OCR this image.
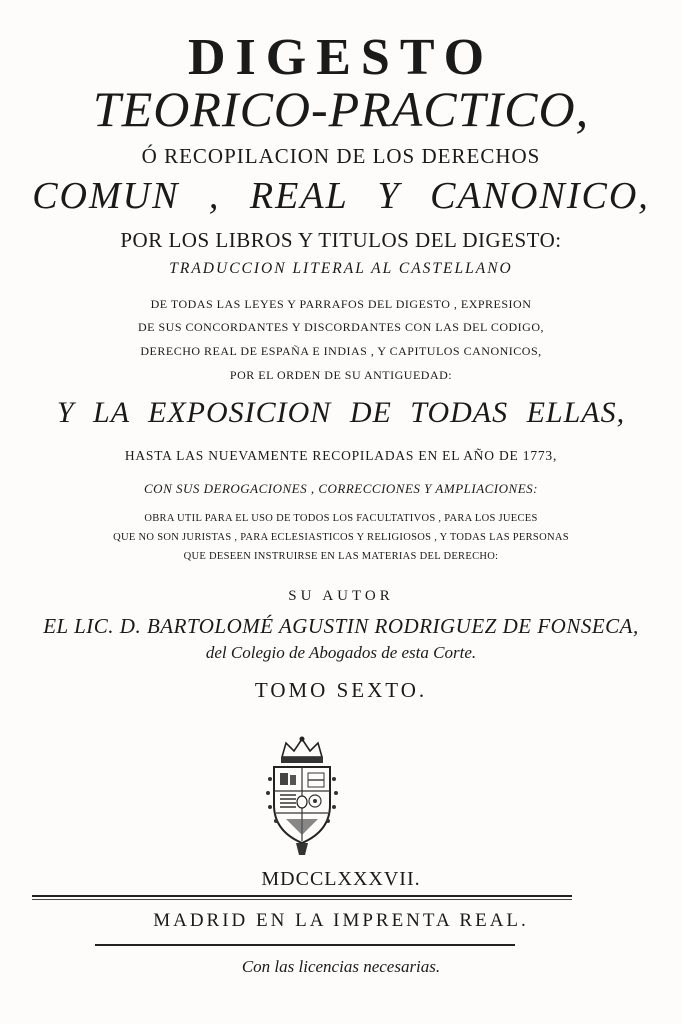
DIGESTO
TEORICO-PRACTICO,
Ó RECOPILACION DE LOS DERECHOS
COMUN , REAL Y CANONICO,
POR LOS LIBROS Y TITULOS DEL DIGESTO:
TRADUCCION LITERAL AL CASTELLANO
DE TODAS LAS LEYES Y PARRAFOS DEL DIGESTO , EXPRESION
DE SUS CONCORDANTES Y DISCORDANTES CON LAS DEL CODIGO,
DERECHO REAL DE ESPAÑA E INDIAS , Y CAPITULOS CANONICOS,
POR EL ORDEN DE SU ANTIGUEDAD:
Y LA EXPOSICION DE TODAS ELLAS,
HASTA LAS NUEVAMENTE RECOPILADAS EN EL AÑO DE 1773,
CON SUS DEROGACIONES , CORRECCIONES Y AMPLIACIONES:
OBRA UTIL PARA EL USO DE TODOS LOS FACULTATIVOS , PARA LOS JUECES
QUE NO SON JURISTAS , PARA ECLESIASTICOS Y RELIGIOSOS , Y TODAS LAS PERSONAS
QUE DESEEN INSTRUIRSE EN LAS MATERIAS DEL DERECHO:
SU AUTOR
EL LIC. D. BARTOLOMÉ AGUSTIN RODRIGUEZ DE FONSECA,
del Colegio de Abogados de esta Corte.
TOMO SEXTO.
MDCCLXXXVII.
MADRID EN LA IMPRENTA REAL.
Con las licencias necesarias.
